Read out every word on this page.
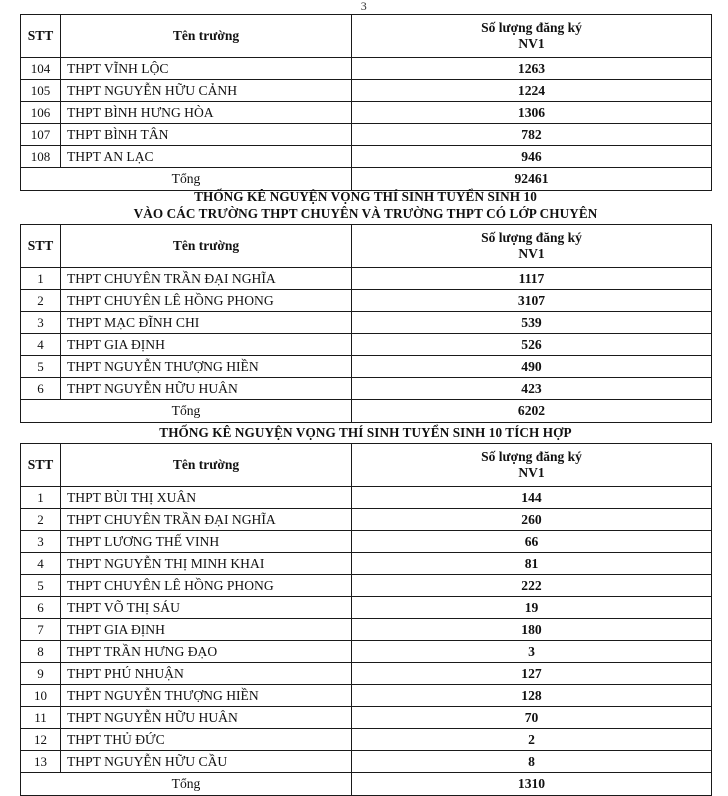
3
STT	Tên trường	Số lượng đăng ký
NV1

104	THPT VĨNH LỘC	1263
105	THPT NGUYỄN HỮU CẢNH	1224
106	THPT BÌNH HƯNG HÒA	1306
107	THPT BÌNH TÂN	782
108	THPT AN LẠC	946
Tổng		92461
THỐNG KÊ NGUYỆN VỌNG THÍ SINH TUYỂN SINH 10
VÀO CÁC TRƯỜNG THPT CHUYÊN VÀ TRƯỜNG THPT CÓ LỚP CHUYÊN
STT	Tên trường	Số lượng đăng ký
NV1

1	THPT CHUYÊN TRẦN ĐẠI NGHĨA	1117
2	THPT CHUYÊN LÊ HỒNG PHONG	3107
3	THPT MẠC ĐĨNH CHI	539
4	THPT GIA ĐỊNH	526
5	THPT NGUYỄN THƯỢNG HIỀN	490
6	THPT NGUYỄN HỮU HUÂN	423
Tổng		6202
THỐNG KÊ NGUYỆN VỌNG THÍ SINH TUYỂN SINH 10 TÍCH HỢP
STT	Tên trường	Số lượng đăng ký
NV1

1	THPT BÙI THỊ XUÂN	144
2	THPT CHUYÊN TRẦN ĐẠI NGHĨA	260
3	THPT LƯƠNG THẾ VINH	66
4	THPT NGUYỄN THỊ MINH KHAI	81
5	THPT CHUYÊN LÊ HỒNG PHONG	222
6	THPT VÕ THỊ SÁU	19
7	THPT GIA ĐỊNH	180
8	THPT TRẦN HƯNG ĐẠO	3
9	THPT PHÚ NHUẬN	127
10	THPT NGUYỄN THƯỢNG HIỀN	128
11	THPT NGUYỄN HỮU HUÂN	70
12	THPT THỦ ĐỨC	2
13	THPT NGUYỄN HỮU CẦU	8
Tổng		1310
